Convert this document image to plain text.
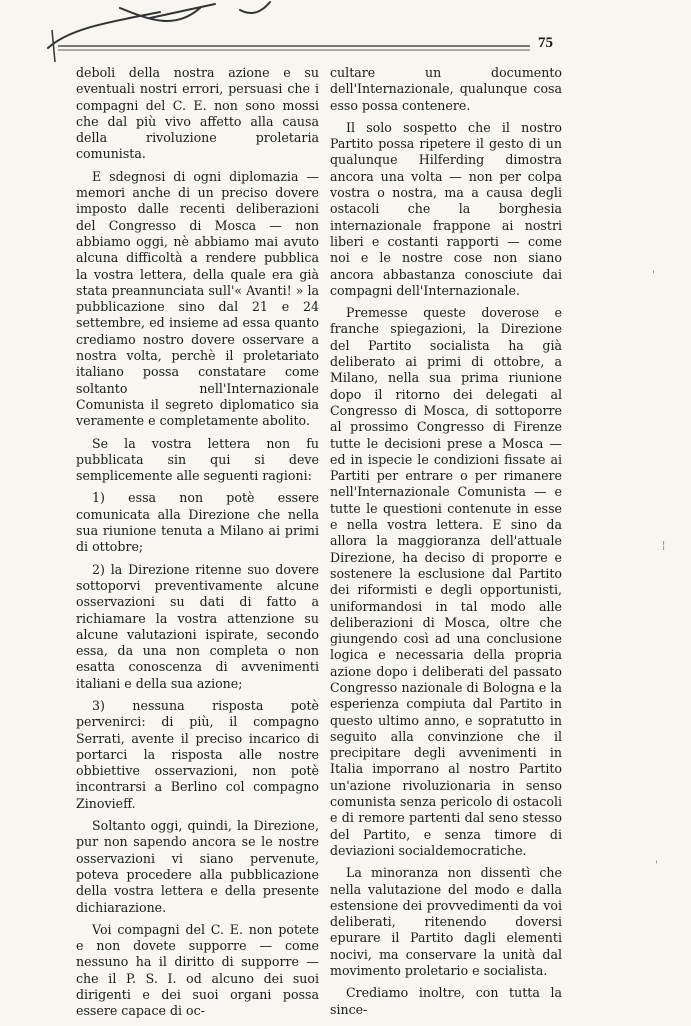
75

deboli della nostra azione e su eventuali nostri errori, persuasi che i compagni del C. E. non sono mossi che dal più vivo affetto alla causa della rivoluzione proletaria comunista.

E sdegnosi di ogni diplomazia — memori anche di un preciso dovere imposto dalle recenti deliberazioni del Congresso di Mosca — non abbiamo oggi, nè abbiamo mai avuto alcuna difficoltà a rendere pubblica la vostra lettera, della quale era già stata preannunciata sull'« Avanti! » la pubblicazione sino dal 21 e 24 settembre, ed insieme ad essa quanto crediamo nostro dovere osservare a nostra volta, perchè il proletariato italiano possa constatare come soltanto nell'Internazionale Comunista il segreto diplomatico sia veramente e completamente abolito.

Se la vostra lettera non fu pubblicata sin qui si deve semplicemente alle seguenti ragioni:

1) essa non potè essere comunicata alla Direzione che nella sua riunione tenuta a Milano ai primi di ottobre;

2) la Direzione ritenne suo dovere sottoporvi preventivamente alcune osservazioni su dati di fatto a richiamare la vostra attenzione su alcune valutazioni ispirate, secondo essa, da una non completa o non esatta conoscenza di avvenimenti italiani e della sua azione;

3) nessuna risposta potè pervenirci: di più, il compagno Serrati, avente il preciso incarico di portarci la risposta alle nostre obbiettive osservazioni, non potè incontrarsi a Berlino col compagno Zinovieff.

Soltanto oggi, quindi, la Direzione, pur non sapendo ancora se le nostre osservazioni vi siano pervenute, poteva procedere alla pubblicazione della vostra lettera e della presente dichiarazione.

Voi compagni del C. E. non potete e non dovete supporre — come nessuno ha il diritto di supporre — che il P. S. I. od alcuno dei suoi dirigenti e dei suoi organi possa essere capace di oc-

cultare un documento dell'Internazionale, qualunque cosa esso possa contenere.

Il solo sospetto che il nostro Partito possa ripetere il gesto di un qualunque Hilferding dimostra ancora una volta — non per colpa vostra o nostra, ma a causa degli ostacoli che la borghesia internazionale frappone ai nostri liberi e costanti rapporti — come noi e le nostre cose non siano ancora abbastanza conosciute dai compagni dell'Internazionale.

Premesse queste doverose e franche spiegazioni, la Direzione del Partito socialista ha già deliberato ai primi di ottobre, a Milano, nella sua prima riunione dopo il ritorno dei delegati al Congresso di Mosca, di sottoporre al prossimo Congresso di Firenze tutte le decisioni prese a Mosca — ed in ispecie le condizioni fissate ai Partiti per entrare o per rimanere nell'Internazionale Comunista — e tutte le questioni contenute in esse e nella vostra lettera. E sino da allora la maggioranza dell'attuale Direzione, ha deciso di proporre e sostenere la esclusione dal Partito dei riformisti e degli opportunisti, uniformandosi in tal modo alle deliberazioni di Mosca, oltre che giungendo così ad una conclusione logica e necessaria della propria azione dopo i deliberati del passato Congresso nazionale di Bologna e la esperienza compiuta dal Partito in questo ultimo anno, e sopratutto in seguito alla convinzione che il precipitare degli avvenimenti in Italia imporrano al nostro Partito un'azione rivoluzionaria in senso comunista senza pericolo di ostacoli e di remore partenti dal seno stesso del Partito, e senza timore di deviazioni socialdemocratiche.

La minoranza non dissentì che nella valutazione del modo e dalla estensione dei provvedimenti da voi deliberati, ritenendo doversi epurare il Partito dagli elementi nocivi, ma conservare la unità dal movimento proletario e socialista.

Crediamo inoltre, con tutta la since-

'
¦
'
